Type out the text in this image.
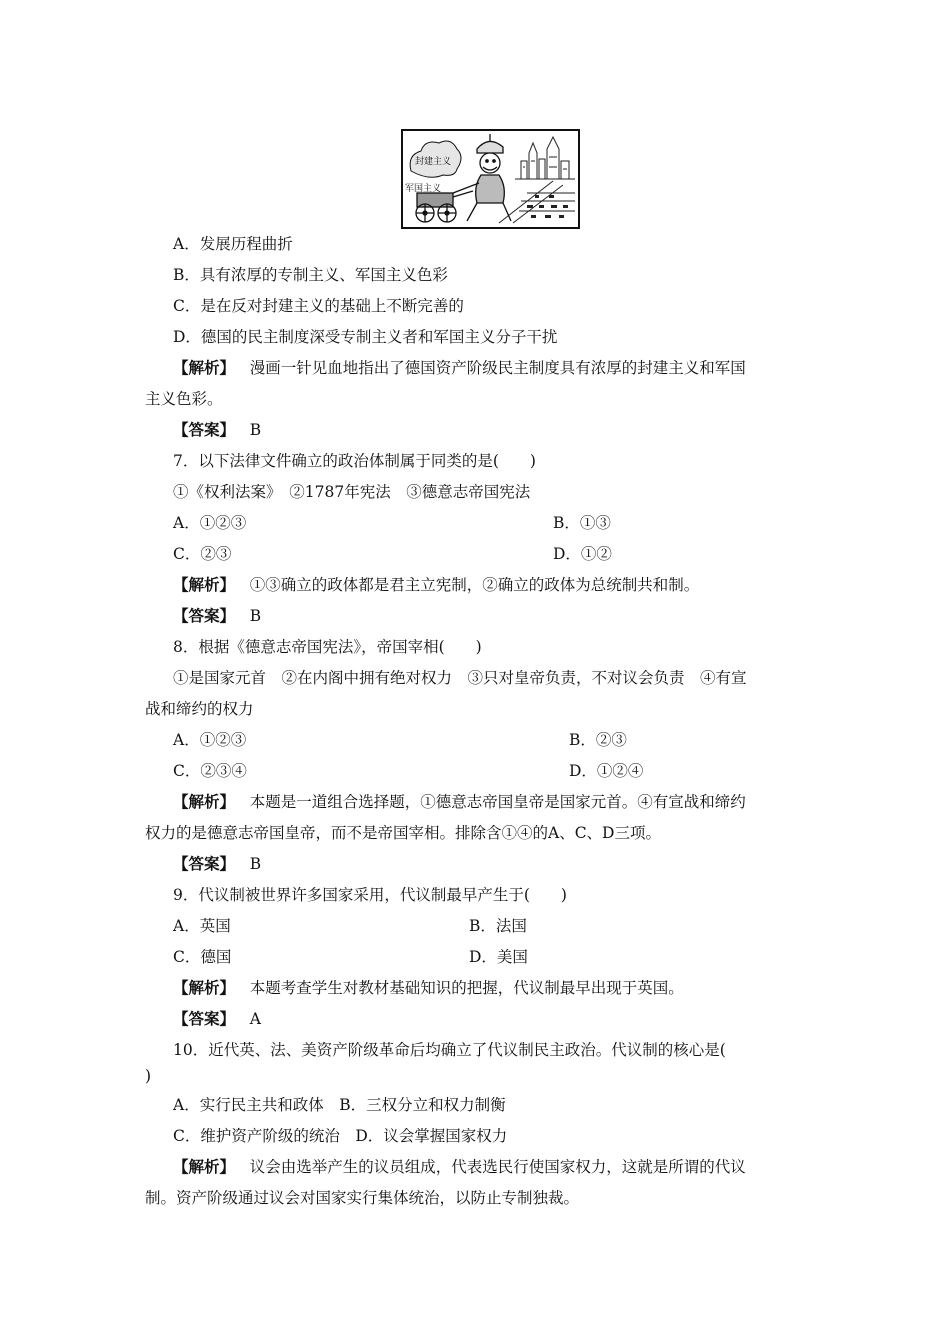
封建主义
军国主义
A．发展历程曲折
B．具有浓厚的专制主义、军国主义色彩
C．是在反对封建主义的基础上不断完善的
D．德国的民主制度深受专制主义者和军国主义分子干扰
【解析】 漫画一针见血地指出了德国资产阶级民主制度具有浓厚的封建主义和军国
主义色彩。
【答案】 B
7．以下法律文件确立的政治体制属于同类的是(　　)
①《权利法案》　②1787年宪法　③德意志帝国宪法
A．①②③	B．①③
C．②③	D．①②
【解析】 ①③确立的政体都是君主立宪制，②确立的政体为总统制共和制。
【答案】 B
8．根据《德意志帝国宪法》，帝国宰相(　　)
①是国家元首　②在内阁中拥有绝对权力　③只对皇帝负责，不对议会负责　④有宣
战和缔约的权力
A．①②③	B．②③
C．②③④	D．①②④
【解析】 本题是一道组合选择题，①德意志帝国皇帝是国家元首。④有宣战和缔约
权力的是德意志帝国皇帝，而不是帝国宰相。排除含①④的A、C、D三项。
【答案】 B
9．代议制被世界许多国家采用，代议制最早产生于(　　)
A．英国	B．法国
C．德国	D．美国
【解析】 本题考查学生对教材基础知识的把握，代议制最早出现于英国。
【答案】 A
10．近代英、法、美资产阶级革命后均确立了代议制民主政治。代议制的核心是(
)
A．实行民主共和政体　B．三权分立和权力制衡
C．维护资产阶级的统治　D．议会掌握国家权力
【解析】 议会由选举产生的议员组成，代表选民行使国家权力，这就是所谓的代议
制。资产阶级通过议会对国家实行集体统治，以防止专制独裁。
